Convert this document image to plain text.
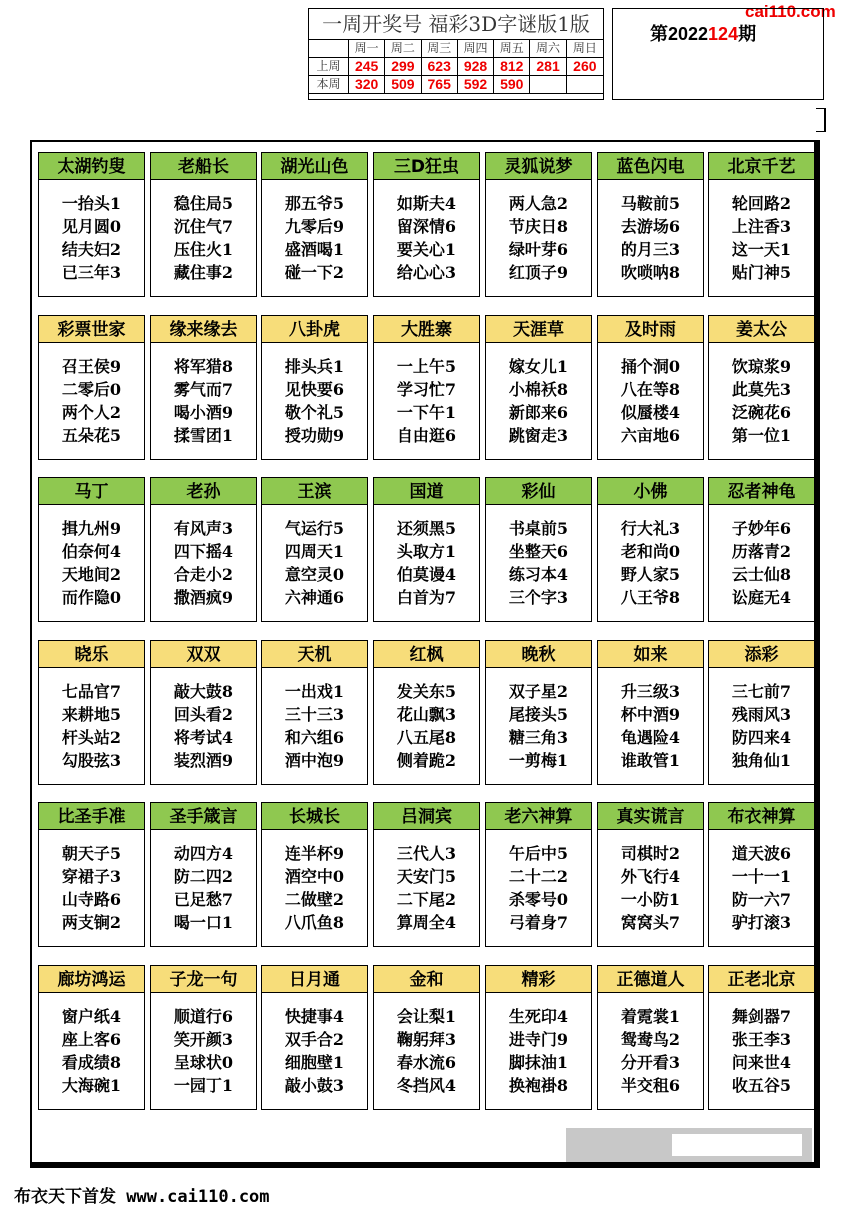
cai110.com
一周开奖号 福彩3D字谜版1版
周一	周二	周三	周四	周五	周六	周日
上周	245 299 623 928 812 281 260
本周	320 509 765 592 590
第2022124期
太湖钓叟
一抬头1
见月圆0
结夫妇2
已三年3
老船长
稳住局5
沉住气7
压住火1
藏住事2
湖光山色
那五爷5
九零后9
盛酒喝1
碰一下2
三D狂虫
如斯夫4
留深情6
要关心1
给心心3
灵狐说梦
两人急2
节庆日8
绿叶芽6
红顶子9
蓝色闪电
马鞍前5
去游场6
的月三3
吹唢呐8
北京千艺
轮回路2
上注香3
这一天1
贴门神5
彩票世家
召王侯9
二零后0
两个人2
五朵花5
缘来缘去
将军猎8
雾气而7
喝小酒9
揉雪团1
八卦虎
排头兵1
见快要6
敬个礼5
授功勋9
大胜寨
一上午5
学习忙7
一下午1
自由逛6
天涯草
嫁女儿1
小棉袄8
新郎来6
跳窗走3
及时雨
捅个洞0
八在等8
似蜃楼4
六亩地6
姜太公
饮琼浆9
此莫先3
泛碗花6
第一位1
马丁
揖九州9
伯奈何4
天地间2
而作隐0
老孙
有风声3
四下摇4
合走小2
撒酒疯9
王滨
气运行5
四周天1
意空灵0
六神通6
国道
还须黑5
头取方1
伯莫谩4
白首为7
彩仙
书桌前5
坐整天6
练习本4
三个字3
小佛
行大礼3
老和尚0
野人家5
八王爷8
忍者神龟
子妙年6
历落青2
云士仙8
讼庭无4
晓乐
七品官7
来耕地5
杆头站2
勾股弦3
双双
敲大鼓8
回头看2
将考试4
装烈酒9
天机
一出戏1
三十三3
和六组6
酒中泡9
红枫
发关东5
花山飘3
八五尾8
侧着跪2
晚秋
双子星2
尾接头5
糖三角3
一剪梅1
如来
升三级3
杯中酒9
龟遇险4
谁敢管1
添彩
三七前7
残雨风3
防四来4
独角仙1
比圣手准
朝天子5
穿裙子3
山寺路6
两支锏2
圣手箴言
动四方4
防二四2
已足愁7
喝一口1
长城长
连半杯9
酒空中0
二做壁2
八爪鱼8
吕洞宾
三代人3
天安门5
二下尾2
算周全4
老六神算
午后中5
二十二2
杀零号0
弓着身7
真实谎言
司棋时2
外飞行4
一小防1
窝窝头7
布衣神算
道天波6
一十一1
防一六7
驴打滚3
廊坊鸿运
窗户纸4
座上客6
看成绩8
大海碗1
子龙一句
顺道行6
笑开颜3
呈球状0
一园丁1
日月通
快捷事4
双手合2
细胞壁1
敲小鼓3
金和
会让梨1
鞠躬拜3
春水流6
冬挡风4
精彩
生死印4
进寺门9
脚抹油1
换袍褂8
正德道人
着霓裳1
鸳鸯鸟2
分开看3
半交租6
正老北京
舞剑器7
张王李3
问来世4
收五谷5
布衣天下首发 www.cai110.com
